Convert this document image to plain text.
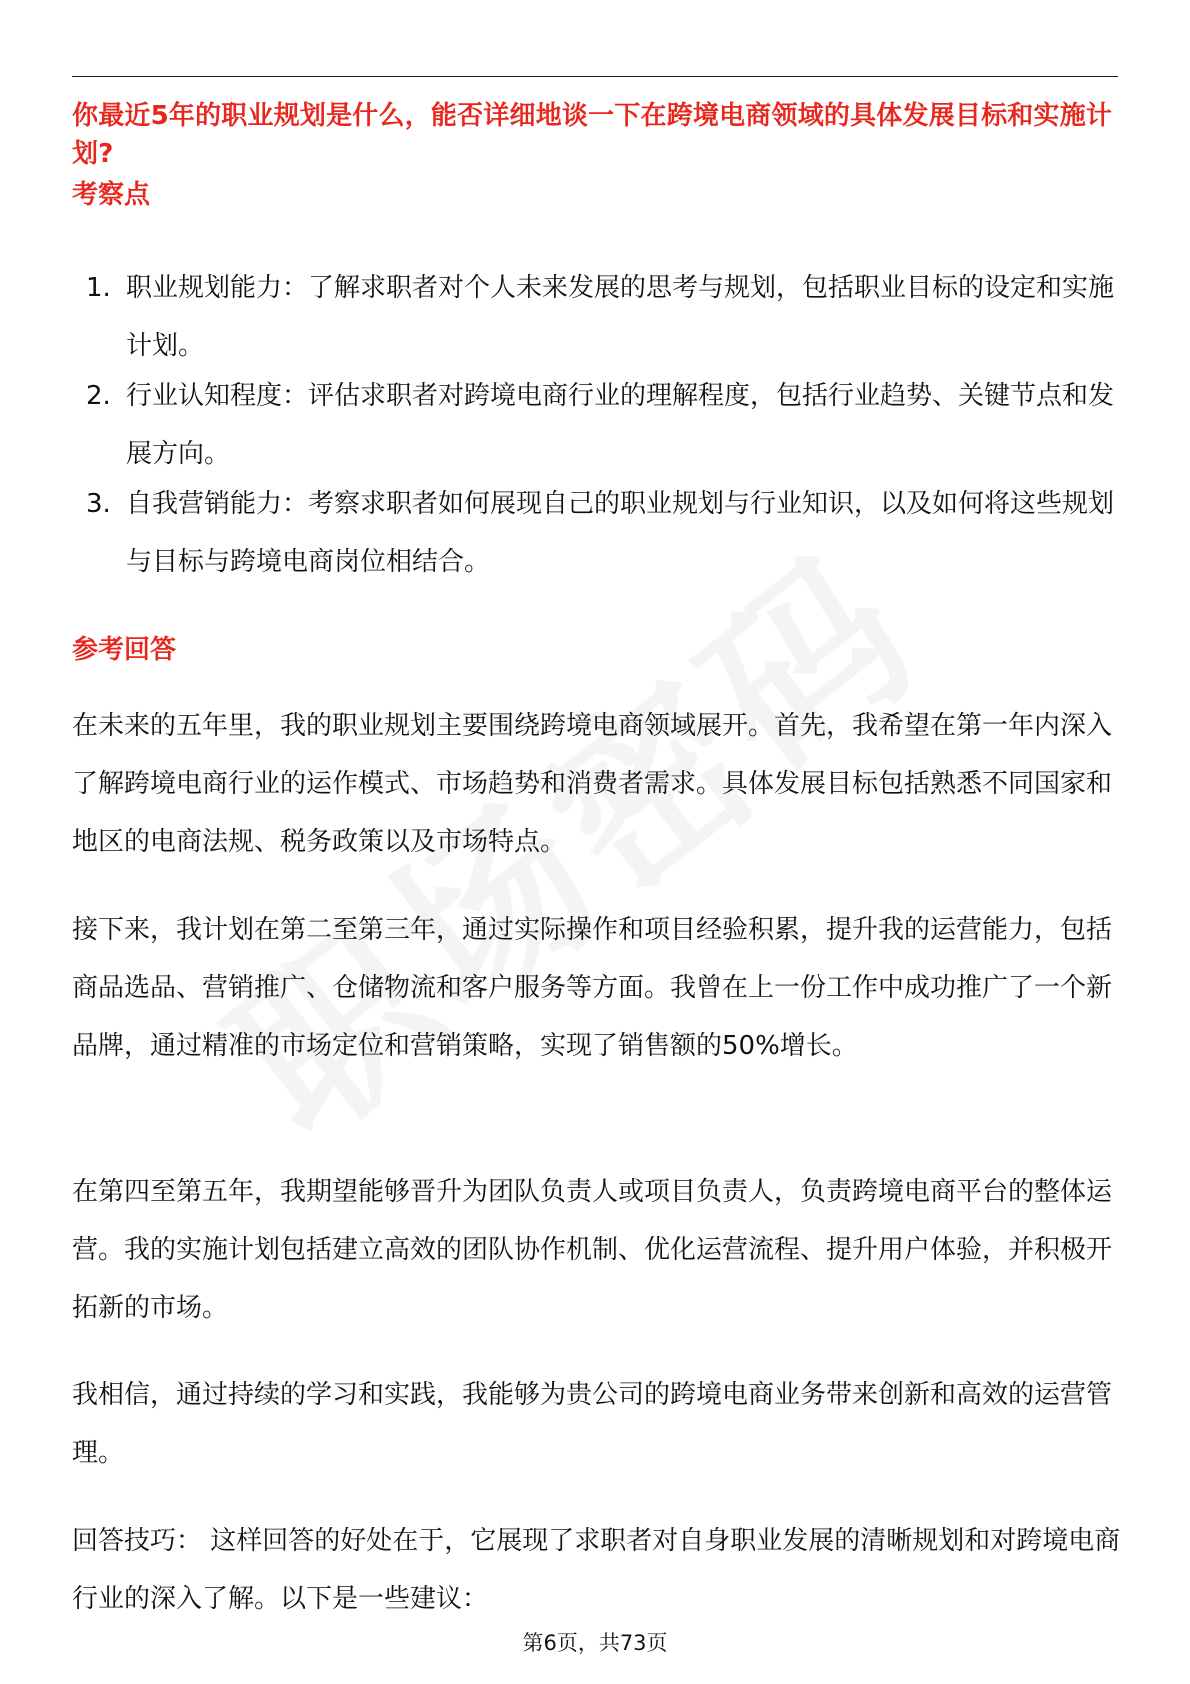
你最近5年的职业规划是什么，能否详细地谈一下在跨境电商领域的具体发展目标和实施计划?
考察点
1. 职业规划能力：了解求职者对个人未来发展的思考与规划，包括职业目标的设定和实施计划。
2. 行业认知程度：评估求职者对跨境电商行业的理解程度，包括行业趋势、关键节点和发展方向。
3. 自我营销能力：考察求职者如何展现自己的职业规划与行业知识，以及如何将这些规划与目标与跨境电商岗位相结合。
参考回答

在未来的五年里，我的职业规划主要围绕跨境电商领域展开。首先，我希望在第一年内深入了解跨境电商行业的运作模式、市场趋势和消费者需求。具体发展目标包括熟悉不同国家和地区的电商法规、税务政策以及市场特点。

接下来，我计划在第二至第三年，通过实际操作和项目经验积累，提升我的运营能力，包括商品选品、营销推广、仓储物流和客户服务等方面。我曾在上一份工作中成功推广了一个新品牌，通过精准的市场定位和营销策略，实现了销售额的50%增长。

在第四至第五年，我期望能够晋升为团队负责人或项目负责人，负责跨境电商平台的整体运营。我的实施计划包括建立高效的团队协作机制、优化运营流程、提升用户体验，并积极开拓新的市场。

我相信，通过持续的学习和实践，我能够为贵公司的跨境电商业务带来创新和高效的运营管理。

回答技巧： 这样回答的好处在于，它展现了求职者对自身职业发展的清晰规划和对跨境电商行业的深入了解。以下是一些建议：

第6页，共73页
